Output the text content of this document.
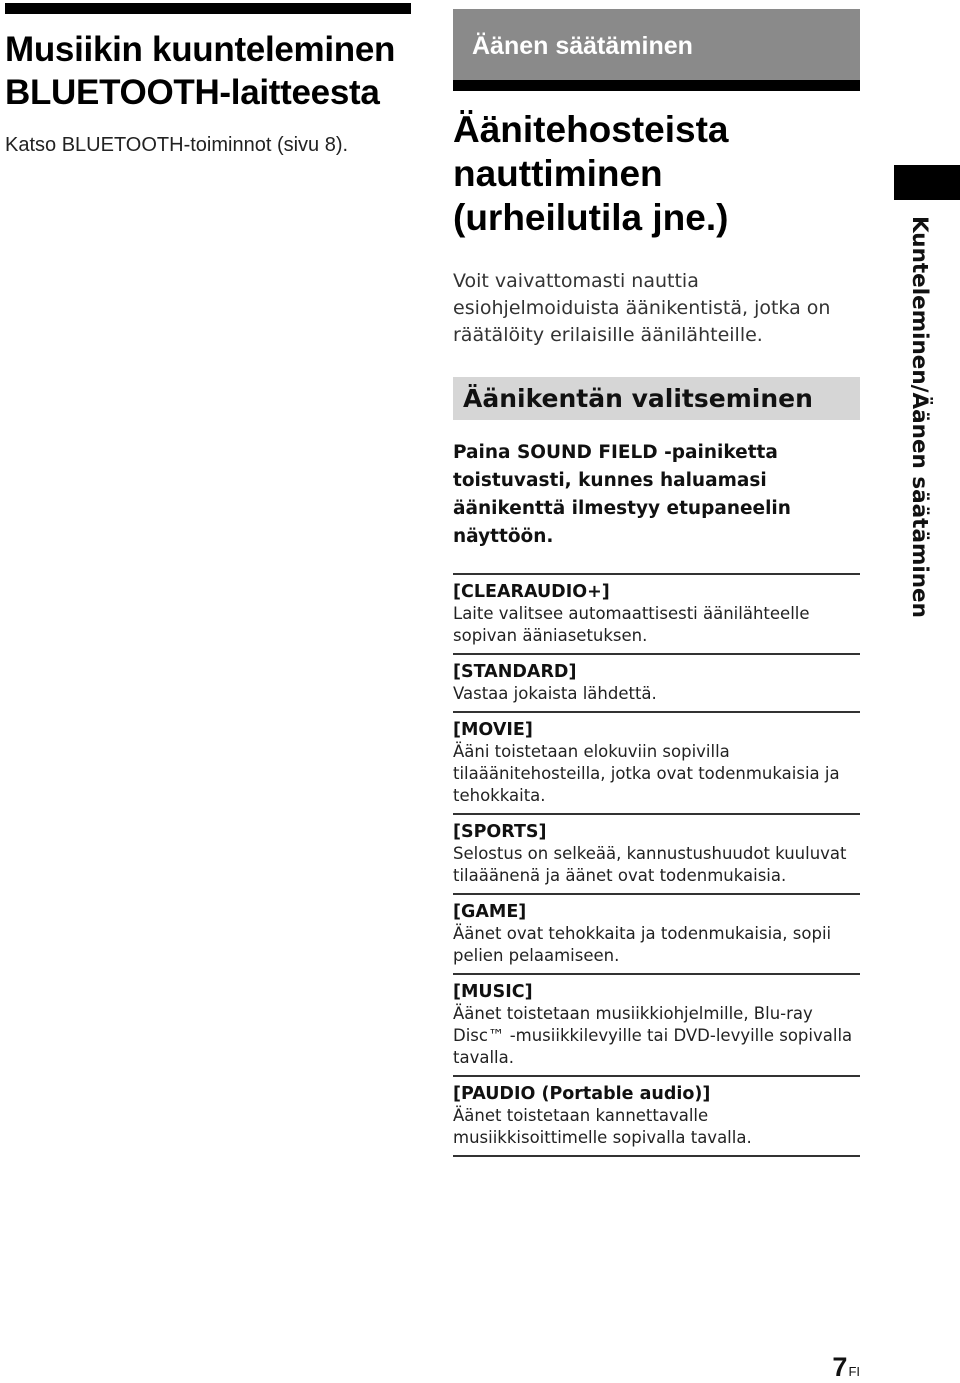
Musiikin kuunteleminen
BLUETOOTH-laitteesta
Katso BLUETOOTH-toiminnot (sivu 8).
Äänen säätäminen
Äänitehosteista
nauttiminen
(urheilutila jne.)
Voit vaivattomasti nauttia esiohjelmoiduista äänikentistä, jotka on räätälöity erilaisille äänilähteille.
Äänikentän valitseminen
Paina SOUND FIELD -painiketta toistuvasti, kunnes haluamasi äänikenttä ilmestyy etupaneelin näyttöön.
[CLEARAUDIO+]
Laite valitsee automaattisesti äänilähteelle sopivan ääniasetuksen.
[STANDARD]
Vastaa jokaista lähdettä.
[MOVIE]
Ääni toistetaan elokuviin sopivilla tilaäänitehosteilla, jotka ovat todenmukaisia ja tehokkaita.
[SPORTS]
Selostus on selkeää, kannustushuudot kuuluvat tilaäänenä ja äänet ovat todenmukaisia.
[GAME]
Äänet ovat tehokkaita ja todenmukaisia, sopii pelien pelaamiseen.
[MUSIC]
Äänet toistetaan musiikkiohjelmille, Blu-ray Disc™ -musiikkilevyille tai DVD-levyille sopivalla tavalla.
[PAUDIO (Portable audio)]
Äänet toistetaan kannettavalle musiikkisoittimelle sopivalla tavalla.
Kunteleminen/Äänen säätäminen
7FI
